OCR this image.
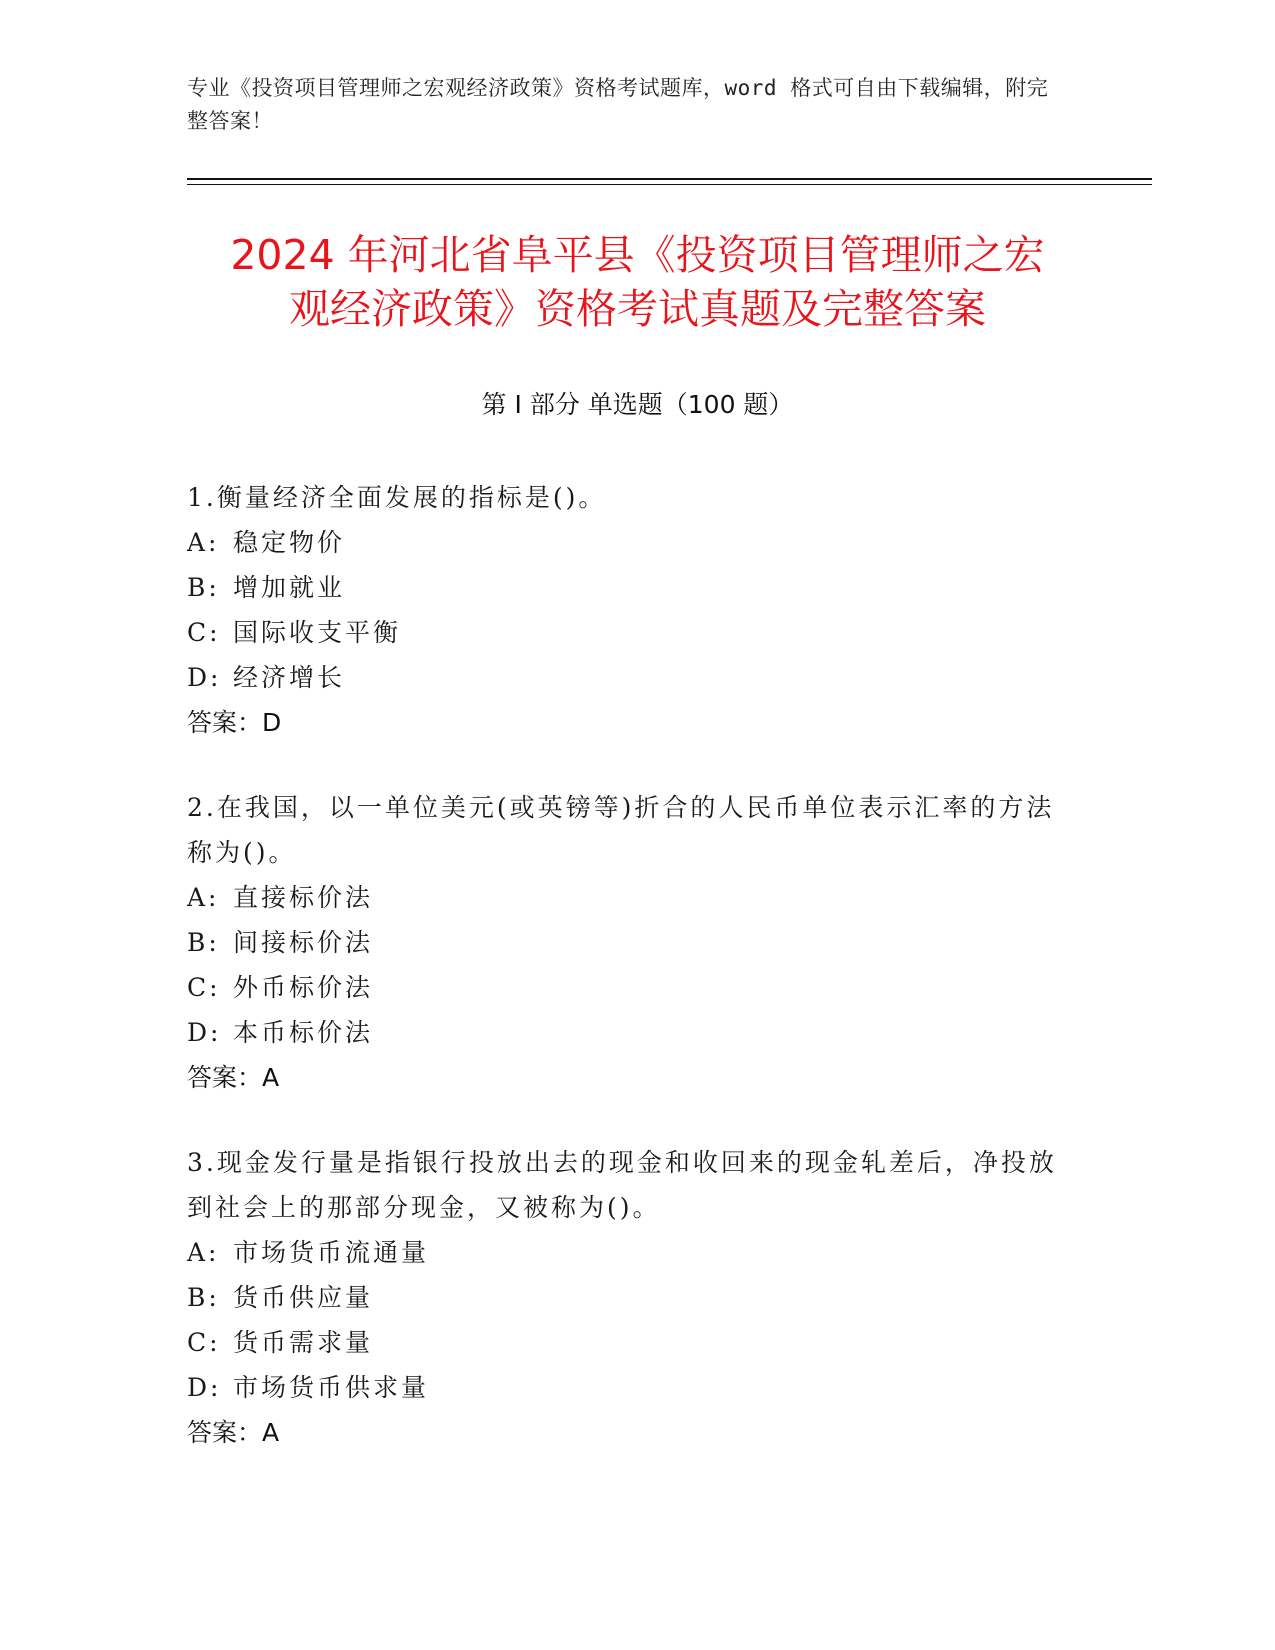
专业《投资项目管理师之宏观经济政策》资格考试题库，word 格式可自由下载编辑，附完整答案！
2024 年河北省阜平县《投资项目管理师之宏
观经济政策》资格考试真题及完整答案
第 I 部分 单选题（100 题）
1.衡量经济全面发展的指标是()。
A: 稳定物价
B: 增加就业
C: 国际收支平衡
D: 经济增长
答案：D
2.在我国，以一单位美元(或英镑等)折合的人民币单位表示汇率的方法称为()。
A: 直接标价法
B: 间接标价法
C: 外币标价法
D: 本币标价法
答案：A
3.现金发行量是指银行投放出去的现金和收回来的现金轧差后，净投放到社会上的那部分现金，又被称为()。
A: 市场货币流通量
B: 货币供应量
C: 货币需求量
D: 市场货币供求量
答案：A
